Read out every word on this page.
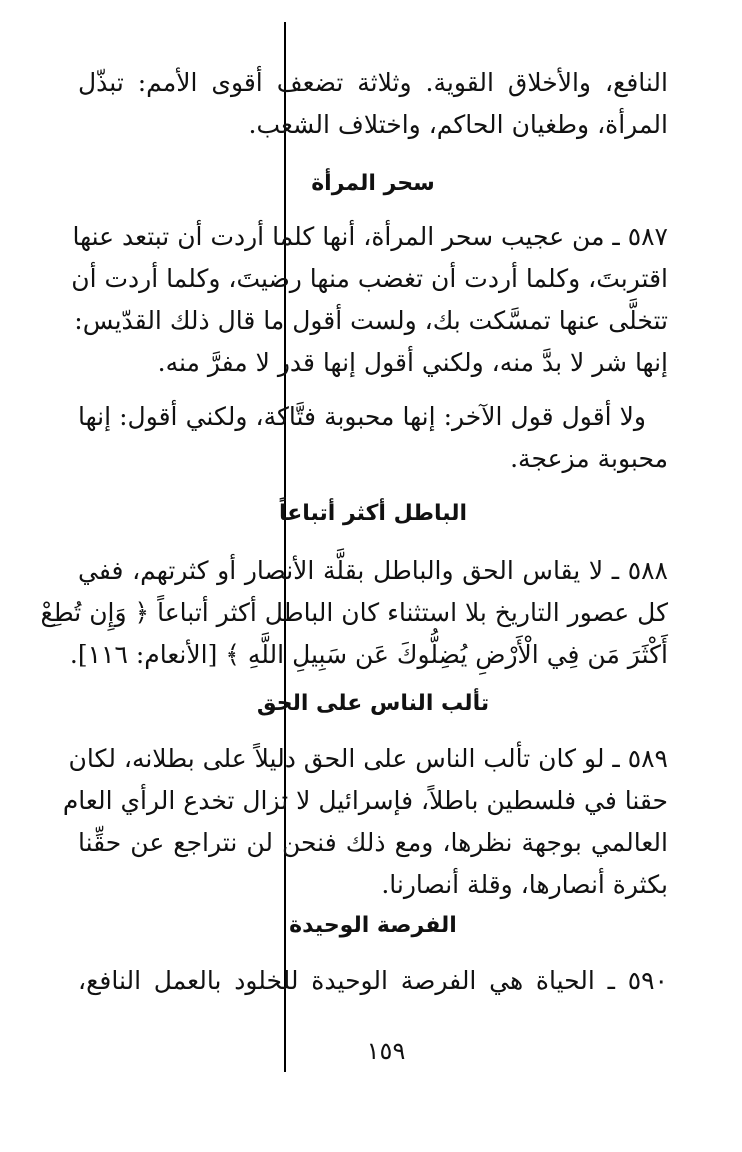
النافع، والأخلاق القوية. وثلاثة تضعف أقوى الأمم: تبذّل
المرأة، وطغيان الحاكم، واختلاف الشعب.
سحر المرأة
٥٨٧ ـ من عجيب سحر المرأة، أنها كلما أردت أن تبتعد عنها
اقتربتَ، وكلما أردت أن تغضب منها رضيتَ، وكلما أردت أن
تتخلَّى عنها تمسَّكت بك، ولست أقول ما قال ذلك القدّيس:
إنها شر لا بدَّ منه، ولكني أقول إنها قدر لا مفرَّ منه.
ولا أقول قول الآخر: إنها محبوبة فتَّاكة، ولكني أقول: إنها
محبوبة مزعجة.
الباطل أكثر أتباعاً
٥٨٨ ـ لا يقاس الحق والباطل بقلَّة الأنصار أو كثرتهم، ففي
كل عصور التاريخ بلا استثناء كان الباطل أكثر أتباعاً ﴿ وَإِن تُطِعْ
أَكْثَرَ مَن فِي الْأَرْضِ يُضِلُّوكَ عَن سَبِيلِ اللَّهِ ﴾ [الأنعام: ١١٦].
تألب الناس على الحق
٥٨٩ ـ لو كان تألب الناس على الحق دليلاً على بطلانه، لكان
حقنا في فلسطين باطلاً، فإسرائيل لا تزال تخدع الرأي العام
العالمي بوجهة نظرها، ومع ذلك فنحن لن نتراجع عن حقِّنا
بكثرة أنصارها، وقلة أنصارنا.
الفرصة الوحيدة
٥٩٠ ـ الحياة هي الفرصة الوحيدة للخلود بالعمل النافع،
١٥٩
